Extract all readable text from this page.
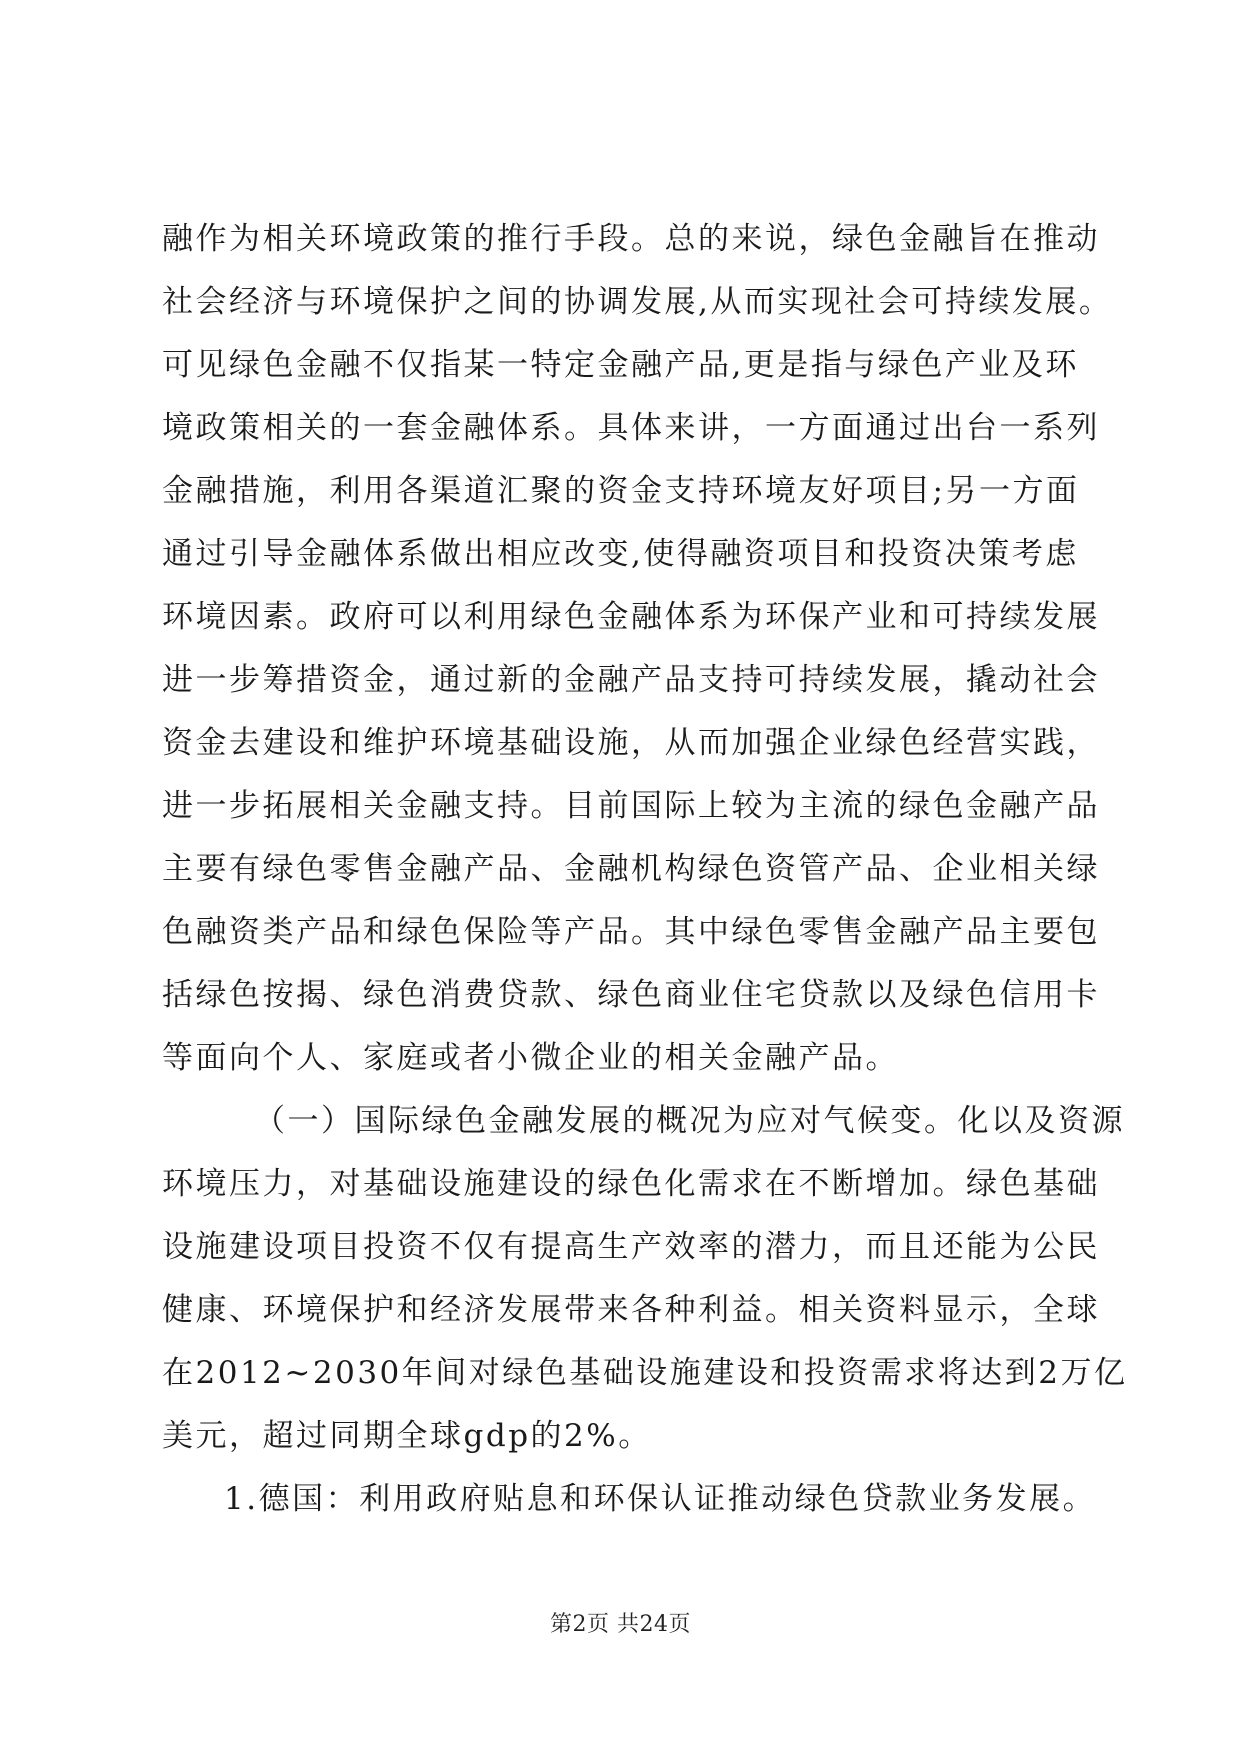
融作为相关环境政策的推行手段。总的来说，绿色金融旨在推动
社会经济与环境保护之间的协调发展,从而实现社会可持续发展。
可见绿色金融不仅指某一特定金融产品,更是指与绿色产业及环
境政策相关的一套金融体系。具体来讲，一方面通过出台一系列
金融措施，利用各渠道汇聚的资金支持环境友好项目;另一方面
通过引导金融体系做出相应改变,使得融资项目和投资决策考虑
环境因素。政府可以利用绿色金融体系为环保产业和可持续发展
进一步筹措资金，通过新的金融产品支持可持续发展，撬动社会
资金去建设和维护环境基础设施，从而加强企业绿色经营实践，
进一步拓展相关金融支持。目前国际上较为主流的绿色金融产品
主要有绿色零售金融产品、金融机构绿色资管产品、企业相关绿
色融资类产品和绿色保险等产品。其中绿色零售金融产品主要包
括绿色按揭、绿色消费贷款、绿色商业住宅贷款以及绿色信用卡
等面向个人、家庭或者小微企业的相关金融产品。
（一）国际绿色金融发展的概况为应对气候变。化以及资源
环境压力，对基础设施建设的绿色化需求在不断增加。绿色基础
设施建设项目投资不仅有提高生产效率的潜力，而且还能为公民
健康、环境保护和经济发展带来各种利益。相关资料显示，全球
在2012~2030年间对绿色基础设施建设和投资需求将达到2万亿
美元，超过同期全球gdp的2%。
1.德国：利用政府贴息和环保认证推动绿色贷款业务发展。
第2页 共24页
